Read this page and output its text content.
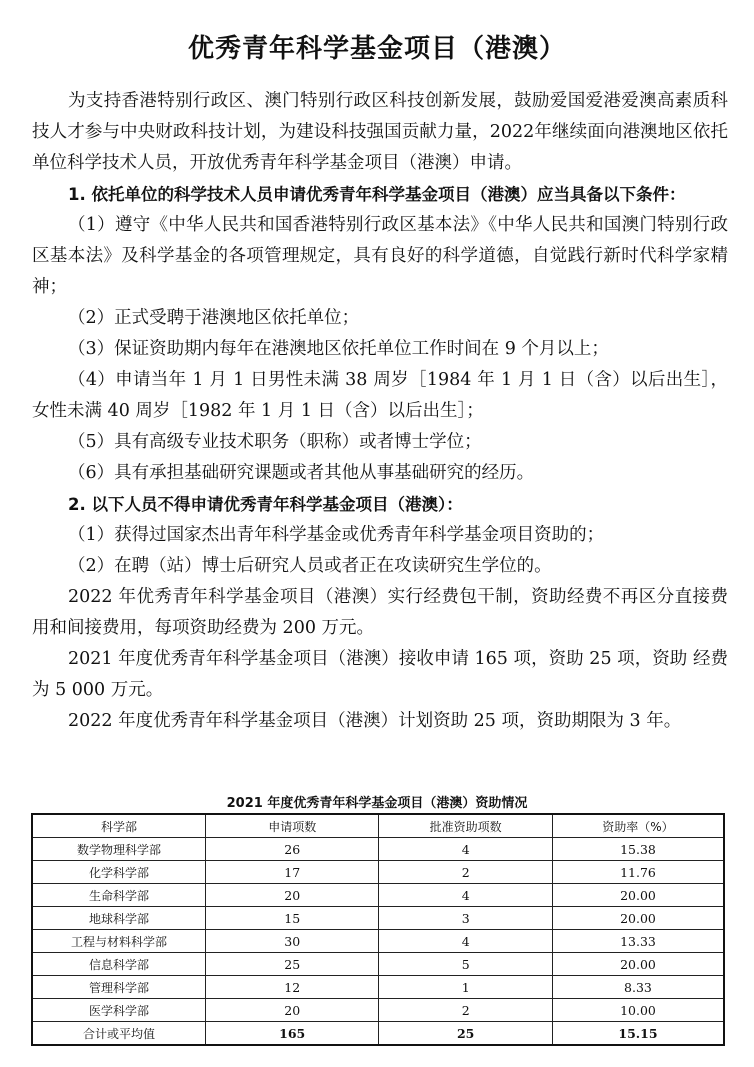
优秀青年科学基金项目（港澳）

为支持香港特别行政区、澳门特别行政区科技创新发展，鼓励爱国爱港爱澳高素质科技人才参与中央财政科技计划，为建设科技强国贡献力量，2022年继续面向港澳地区依托单位科学技术人员，开放优秀青年科学基金项目（港澳）申请。

1. 依托单位的科学技术人员申请优秀青年科学基金项目（港澳）应当具备以下条件：

（1）遵守《中华人民共和国香港特别行政区基本法》《中华人民共和国澳门特别行政区基本法》及科学基金的各项管理规定，具有良好的科学道德，自觉践行新时代科学家精神；

（2）正式受聘于港澳地区依托单位；

（3）保证资助期内每年在港澳地区依托单位工作时间在 9 个月以上；

（4）申请当年 1 月 1 日男性未满 38 周岁［1984 年 1 月 1 日（含）以后出生］，女性未满 40 周岁［1982 年 1 月 1 日（含）以后出生］；

（5）具有高级专业技术职务（职称）或者博士学位；

（6）具有承担基础研究课题或者其他从事基础研究的经历。

2. 以下人员不得申请优秀青年科学基金项目（港澳）：

（1）获得过国家杰出青年科学基金或优秀青年科学基金项目资助的；

（2）在聘（站）博士后研究人员或者正在攻读研究生学位的。

2022 年优秀青年科学基金项目（港澳）实行经费包干制，资助经费不再区分直接费用和间接费用，每项资助经费为 200 万元。

2021 年度优秀青年科学基金项目（港澳）接收申请 165 项，资助 25 项，资助 经费为 5 000 万元。

2022 年度优秀青年科学基金项目（港澳）计划资助 25 项，资助期限为 3 年。

2021 年度优秀青年科学基金项目（港澳）资助情况
科学部	申请项数	批准资助项数	资助率（%）
数学物理科学部	26	4	15.38
化学科学部	17	2	11.76
生命科学部	20	4	20.00
地球科学部	15	3	20.00
工程与材料科学部	30	4	13.33
信息科学部	25	5	20.00
管理科学部	12	1	8.33
医学科学部	20	2	10.00
合计或平均值	165	25	15.15
